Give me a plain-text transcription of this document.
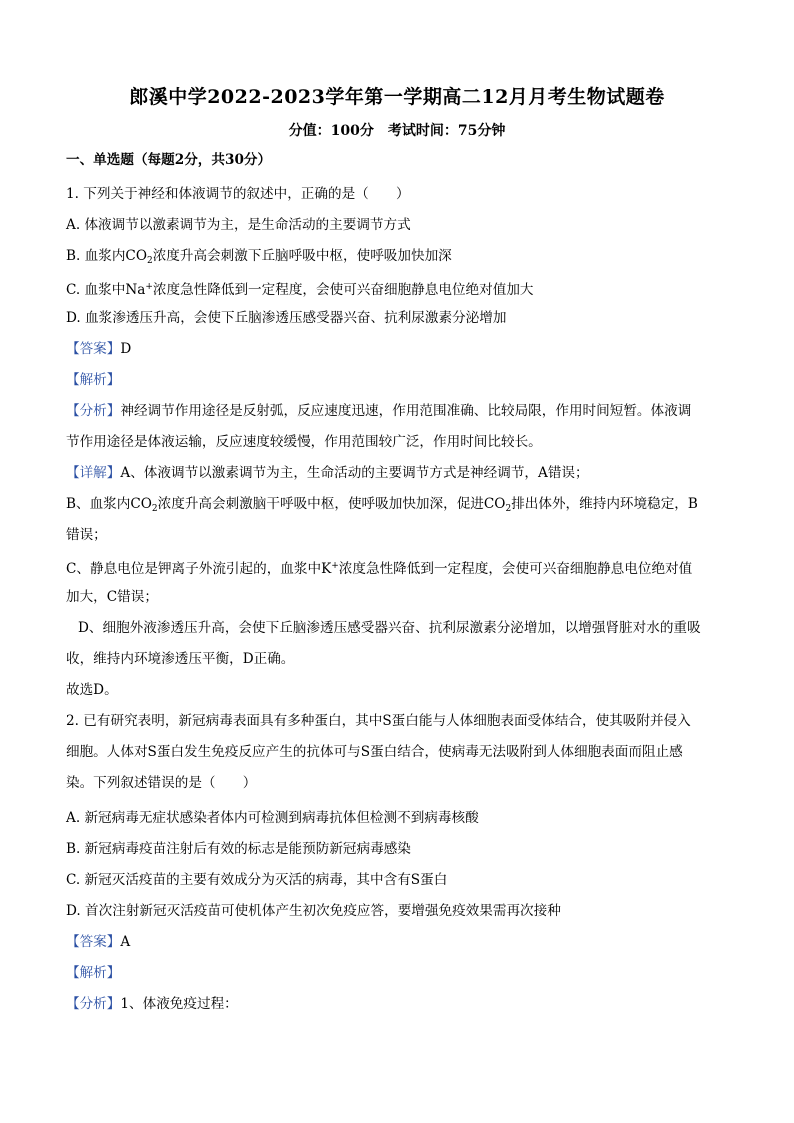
郎溪中学2022-2023学年第一学期高二12月月考生物试题卷
分值：100分　考试时间：75分钟
一、单选题（每题2分，共30分）
1. 下列关于神经和体液调节的叙述中，正确的是（　　）
A. 体液调节以激素调节为主，是生命活动的主要调节方式
B. 血浆内$CO_2$浓度升高会刺激下丘脑呼吸中枢，使呼吸加快加深
C. 血浆中Na+浓度急性降低到一定程度，会使可兴奋细胞静息电位绝对值加大
D. 血浆渗透压升高，会使下丘脑渗透压感受器兴奋、抗利尿激素分泌增加
【答案】D
【解析】
【分析】神经调节作用途径是反射弧，反应速度迅速，作用范围准确、比较局限，作用时间短暂。体液调
节作用途径是体液运输，反应速度较缓慢，作用范围较广泛，作用时间比较长。
【详解】A、体液调节以激素调节为主，生命活动的主要调节方式是神经调节，A错误；
B、血浆内$CO_2$浓度升高会刺激脑干呼吸中枢，使呼吸加快加深，促进$CO_2$排出体外，维持内环境稳定，B
错误；
C、静息电位是钾离子外流引起的，血浆中K+浓度急性降低到一定程度，会使可兴奋细胞静息电位绝对值
加大，C错误；
D、细胞外液渗透压升高，会使下丘脑渗透压感受器兴奋、抗利尿激素分泌增加，以增强肾脏对水的重吸
收，维持内环境渗透压平衡，D正确。
故选D。
2. 已有研究表明，新冠病毒表面具有多种蛋白，其中S蛋白能与人体细胞表面受体结合，使其吸附并侵入
细胞。人体对S蛋白发生免疫反应产生的抗体可与S蛋白结合，使病毒无法吸附到人体细胞表面而阻止感
染。下列叙述错误的是（　　）
A. 新冠病毒无症状感染者体内可检测到病毒抗体但检测不到病毒核酸
B. 新冠病毒疫苗注射后有效的标志是能预防新冠病毒感染
C. 新冠灭活疫苗的主要有效成分为灭活的病毒，其中含有S蛋白
D. 首次注射新冠灭活疫苗可使机体产生初次免疫应答，要增强免疫效果需再次接种
【答案】A
【解析】
【分析】1、体液免疫过程：
